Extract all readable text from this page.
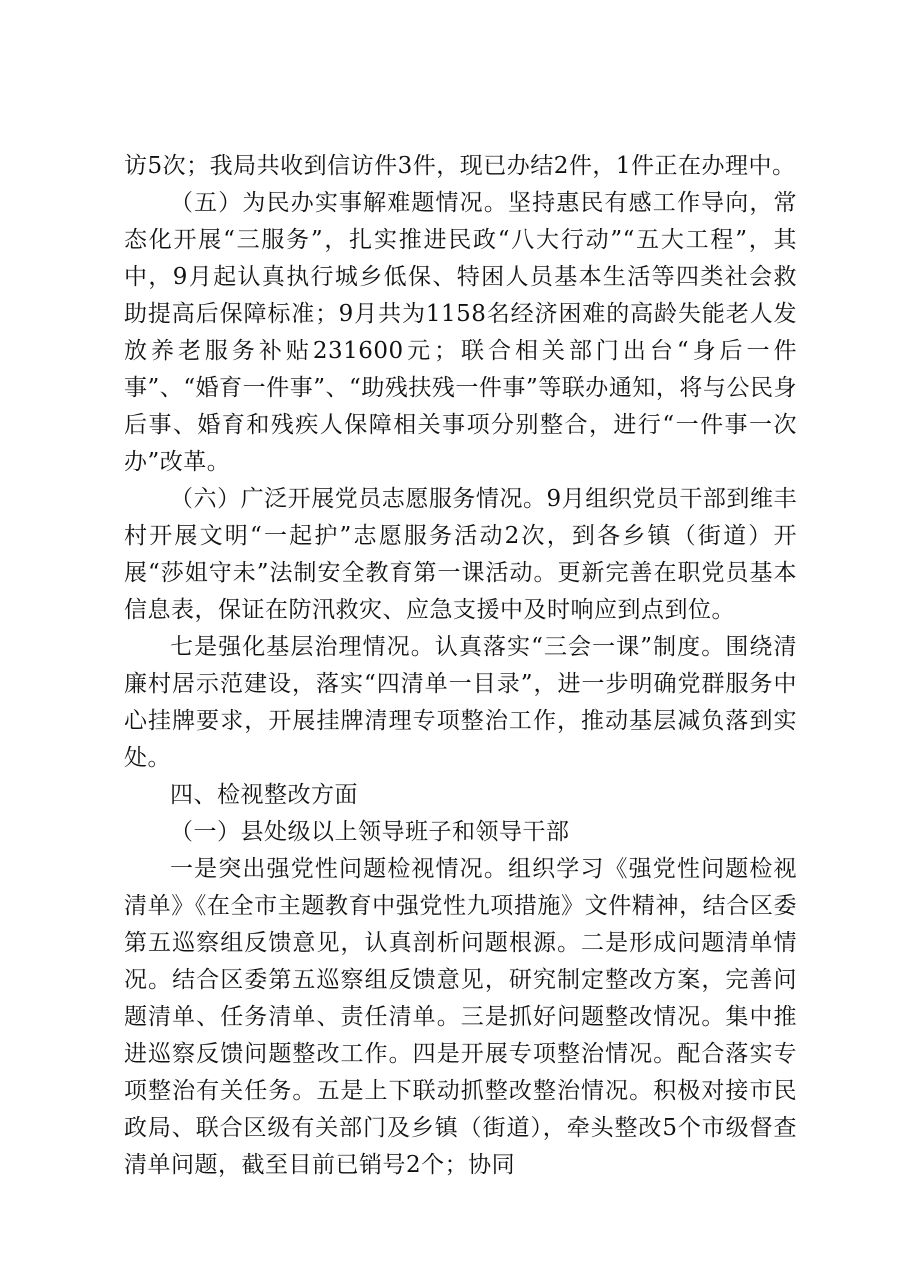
访5次；我局共收到信访件3件，现已办结2件，1件正在办理中。

（五）为民办实事解难题情况。坚持惠民有感工作导向，常态化开展“三服务”，扎实推进民政“八大行动”“五大工程”，其中，9月起认真执行城乡低保、特困人员基本生活等四类社会救助提高后保障标准；9月共为1158名经济困难的高龄失能老人发放养老服务补贴231600元；联合相关部门出台“身后一件事”、“婚育一件事”、“助残扶残一件事”等联办通知，将与公民身后事、婚育和残疾人保障相关事项分别整合，进行“一件事一次办”改革。

（六）广泛开展党员志愿服务情况。9月组织党员干部到维丰村开展文明“一起护”志愿服务活动2次，到各乡镇（街道）开展“莎姐守未”法制安全教育第一课活动。更新完善在职党员基本信息表，保证在防汛救灾、应急支援中及时响应到点到位。

七是强化基层治理情况。认真落实“三会一课”制度。围绕清廉村居示范建设，落实“四清单一目录”，进一步明确党群服务中心挂牌要求，开展挂牌清理专项整治工作，推动基层减负落到实处。

四、检视整改方面

（一）县处级以上领导班子和领导干部

一是突出强党性问题检视情况。组织学习《强党性问题检视清单》《在全市主题教育中强党性九项措施》文件精神，结合区委第五巡察组反馈意见，认真剖析问题根源。二是形成问题清单情况。结合区委第五巡察组反馈意见，研究制定整改方案，完善问题清单、任务清单、责任清单。三是抓好问题整改情况。集中推进巡察反馈问题整改工作。四是开展专项整治情况。配合落实专项整治有关任务。五是上下联动抓整改整治情况。积极对接市民政局、联合区级有关部门及乡镇（街道），牵头整改5个市级督查清单问题，截至目前已销号2个；协同
